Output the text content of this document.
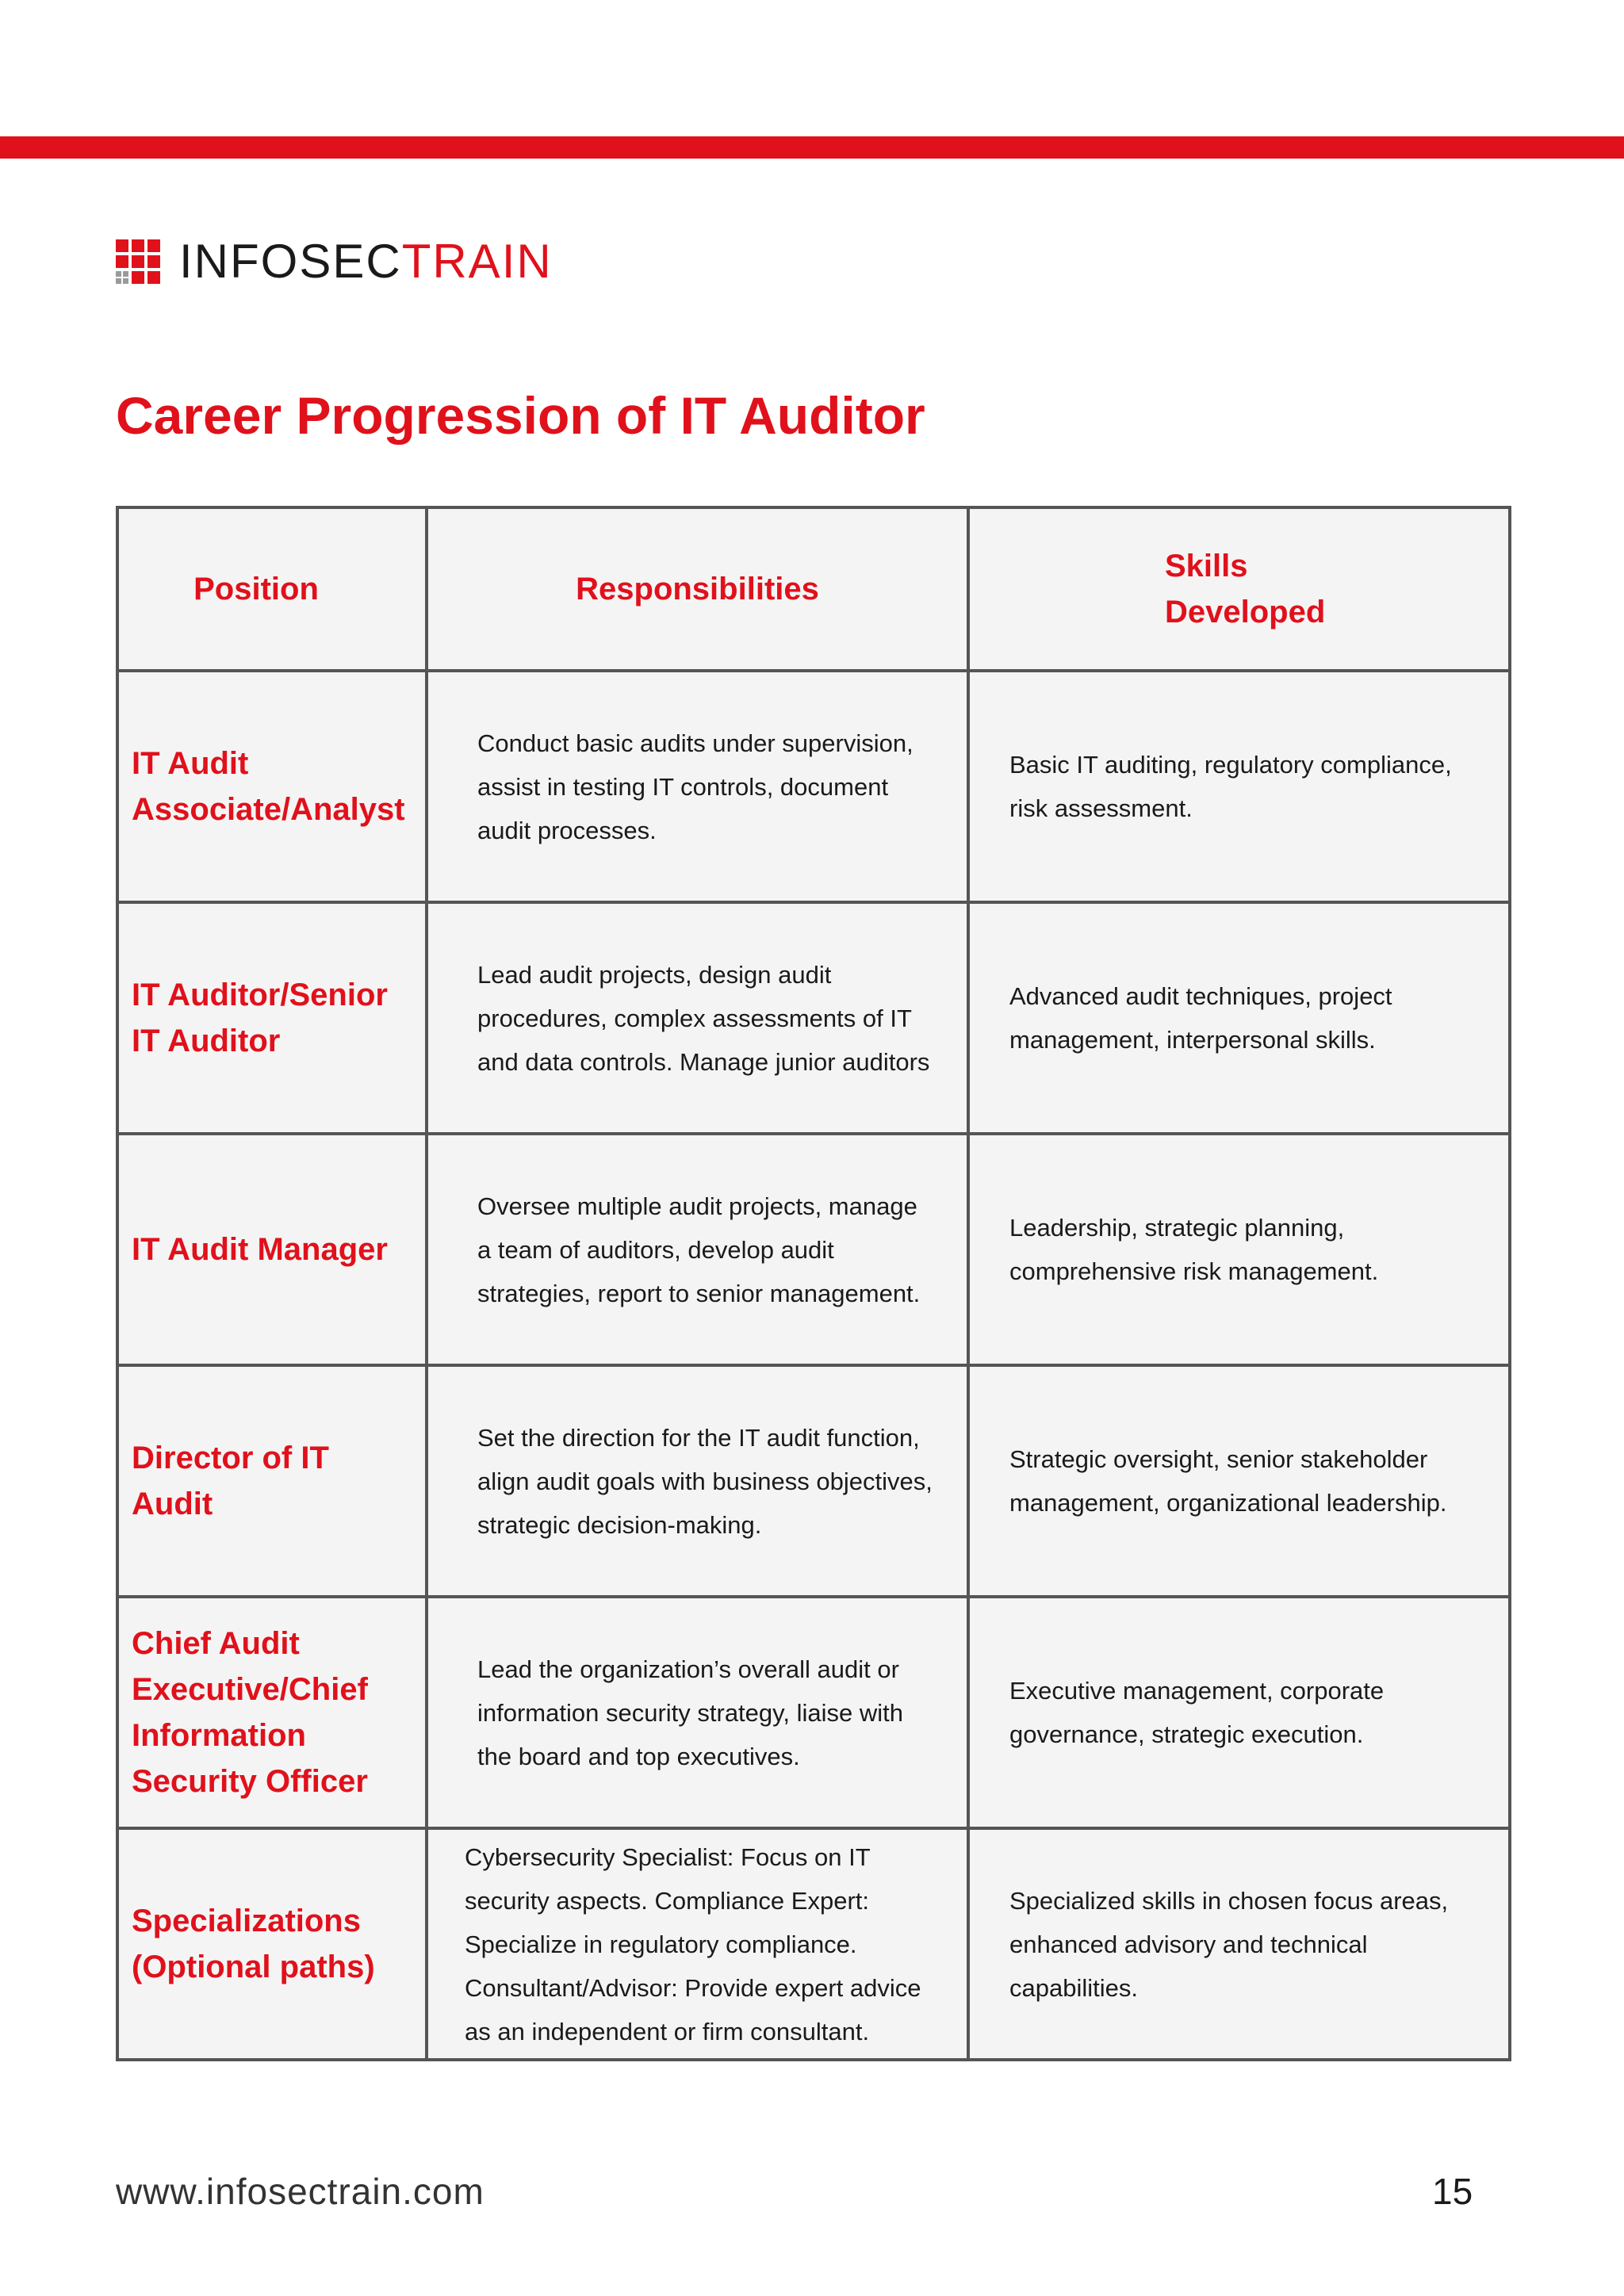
INFOSECTRAIN
Career Progression of IT Auditor
Position	Responsibilities	Skills
Developed

IT Audit Associate/Analyst	Conduct basic audits under supervision, assist in testing IT controls, document audit processes.	Basic IT auditing, regulatory compliance, risk assessment.
IT Auditor/Senior IT Auditor	Lead audit projects, design audit procedures, complex assessments of IT and data controls. Manage junior auditors	Advanced audit techniques, project management, interpersonal skills.
IT Audit Manager	Oversee multiple audit projects, manage a team of auditors, develop audit strategies, report to senior management.	Leadership, strategic planning, comprehensive risk management.
Director of IT Audit	Set the direction for the IT audit function, align audit goals with business objectives, strategic decision-making.	Strategic oversight, senior stakeholder management, organizational leadership.
Chief Audit Executive/Chief Information Security Officer	Lead the organization’s overall audit or information security strategy, liaise with the board and top executives.	Executive management, corporate governance, strategic execution.
Specializations (Optional paths)	Cybersecurity Specialist: Focus on IT security aspects. Compliance Expert: Specialize in regulatory compliance. Consultant/Advisor: Provide expert advice as an independent or firm consultant.	Specialized skills in chosen focus areas, enhanced advisory and technical capabilities.
www.infosectrain.com	15
